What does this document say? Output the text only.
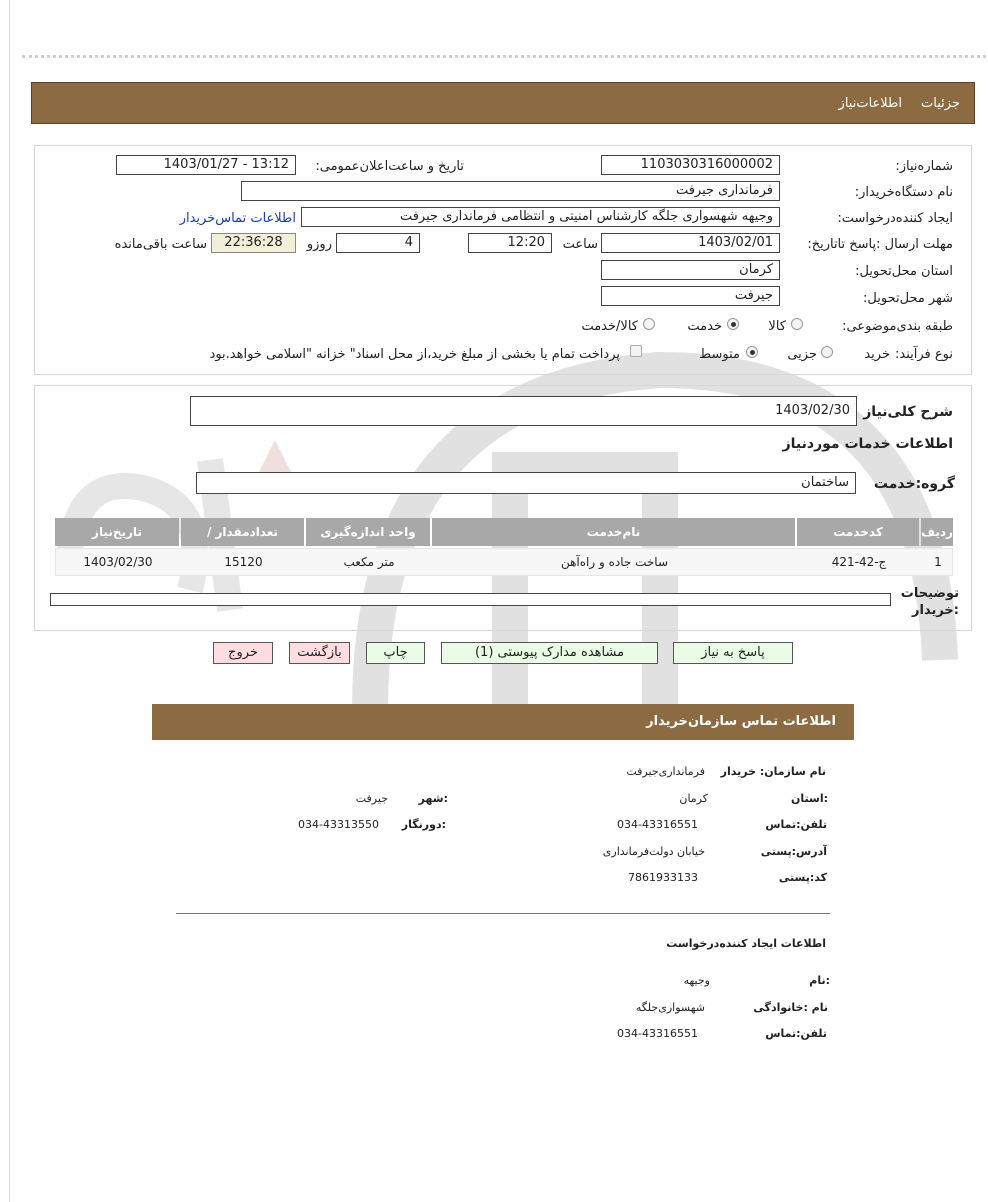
جزئیات
اطلاعات‌نیاز
شماره‌نیاز:
1103030316000002
تاریخ و ساعت‌اعلان‌عمومی:
1403/01/27 - 13:12
نام دستگاه‌خریدار:
فرمانداری جیرفت
ایجاد کننده‌درخواست:
وجیهه شهسواری جلگه کارشناس امنیتی و انتظامی فرمانداری جیرفت
اطلاعات تماس‌خریدار
مهلت ارسال :پاسخ تا‌تاریخ:
1403/02/01
ساعت
12:20
4
روزو
22:36:28
ساعت باقی‌مانده
استان محل‌تحویل:
کرمان
شهر محل‌تحویل:
جیرفت
طبقه بندی‌موضوعی:
کالا
خدمت
کالا/خدمت
نوع فرآیند:
خرید
جزیی
متوسط
پرداخت تمام یا بخشی از مبلغ خرید،از محل اسناد" خزانه "اسلامی خواهد.بود
شرح کلی‌نیاز
1403/02/30
اطلاعات خدمات موردنیاز
گروه:خدمت
ساختمان
ردیف
کدخدمت
نام‌خدمت
واحد اندازه‌گیری
/ تعدادمقدار
تاریخ‌نیاز
1
ج-42-421
ساخت جاده و راه‌آهن
متر مکعب
15120
1403/02/30
توضیحات :خریدار
پاسخ به نیاز
مشاهده مدارک پیوستی (1)
چاپ
بازگشت
خروج
اطلاعات تماس سازمان‌خریدار
نام سازمان: خریدار
فرمانداری‌جیرفت
:استان
کرمان
:شهر
جیرفت
تلفن:تماس
034-43316551
:دورنگار
034-43313550
آدرس:پستی
خیابان دولت‌فرمانداری
کد:پستی
7861933133
اطلاعات ایجاد کننده‌درخواست
:نام
وجیهه
نام :خانوادگی
شهسواری‌جلگه
تلفن:تماس
034-43316551
